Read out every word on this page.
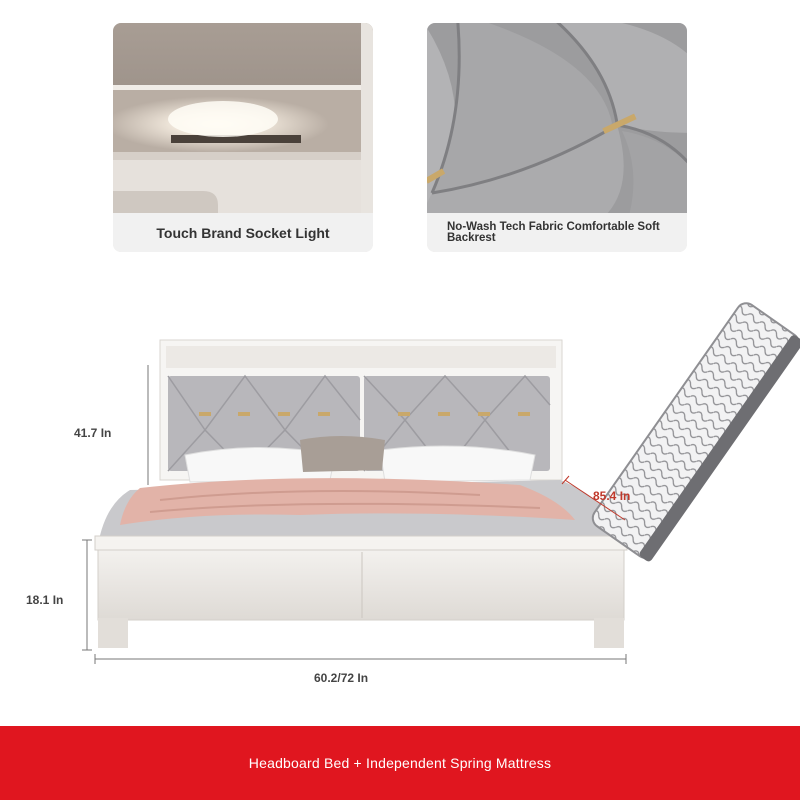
Touch Brand Socket Light	No-Wash Tech Fabric Comfortable Soft Backrest
41.7 In
18.1 In
60.2/72 In
85.4 In
Headboard Bed + Independent Spring Mattress
